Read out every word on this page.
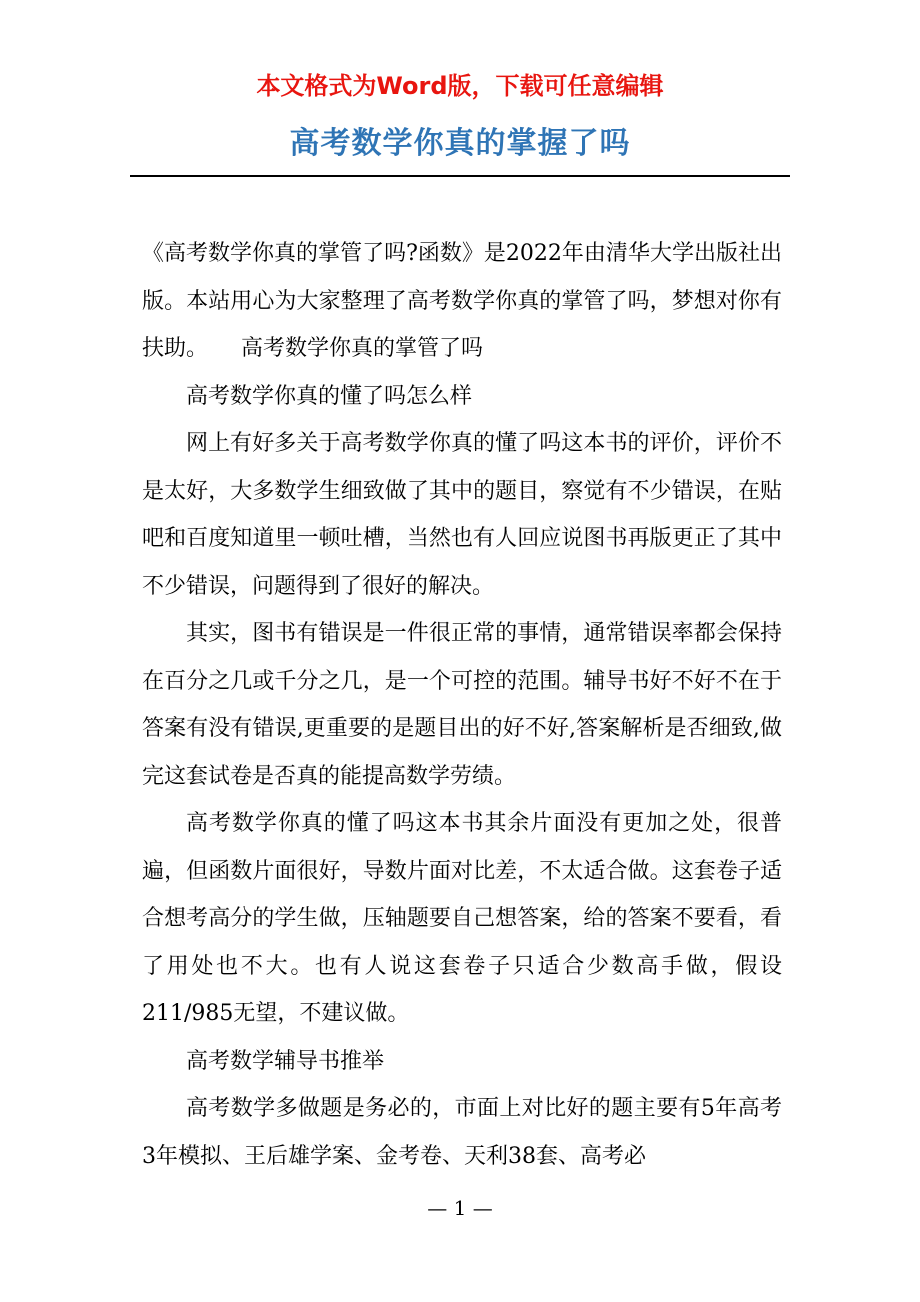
本文格式为Word版，下载可任意编辑
高考数学你真的掌握了吗

《高考数学你真的掌管了吗?函数》是2022年由清华大学出版社出版。本站用心为大家整理了高考数学你真的掌管了吗，梦想对你有扶助。　　高考数学你真的掌管了吗

高考数学你真的懂了吗怎么样

网上有好多关于高考数学你真的懂了吗这本书的评价，评价不是太好，大多数学生细致做了其中的题目，察觉有不少错误，在贴吧和百度知道里一顿吐槽，当然也有人回应说图书再版更正了其中不少错误，问题得到了很好的解决。

其实，图书有错误是一件很正常的事情，通常错误率都会保持在百分之几或千分之几，是一个可控的范围。辅导书好不好不在于答案有没有错误,更重要的是题目出的好不好,答案解析是否细致,做完这套试卷是否真的能提高数学劳绩。

高考数学你真的懂了吗这本书其余片面没有更加之处，很普遍，但函数片面很好，导数片面对比差，不太适合做。这套卷子适合想考高分的学生做，压轴题要自己想答案，给的答案不要看，看了用处也不大。也有人说这套卷子只适合少数高手做，假设211/985无望，不建议做。

高考数学辅导书推举

高考数学多做题是务必的，市面上对比好的题主要有5年高考3年模拟、王后雄学案、金考卷、天利38套、高考必

— 1 —
